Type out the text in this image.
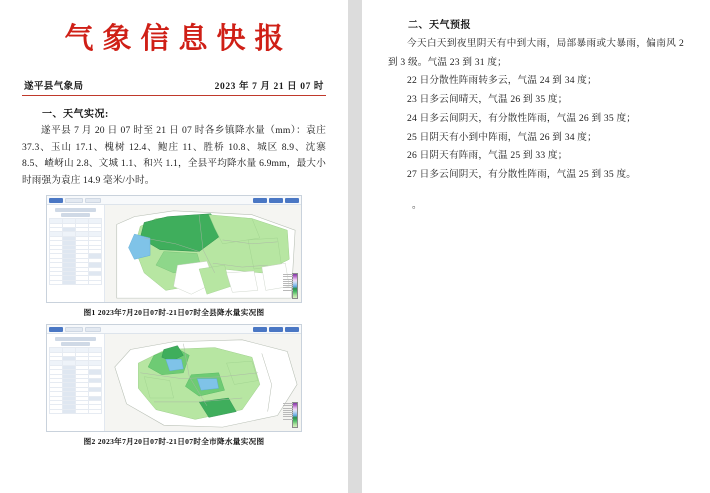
气象信息快报
遂平县气象局	2023 年 7 月 21 日 07 时
一、天气实况:

遂平县 7 月 20 日 07 时至 21 日 07 时各乡镇降水量（mm）：袁庄 37.3、玉山 17.1、槐树 12.4、鲍庄 11、胜桥 10.8、城区 8.9、沈寨 8.5、嵖岈山 2.8、文城 1.1、和兴 1.1，全县平均降水量 6.9mm，最大小时雨强为袁庄 14.9 毫米/小时。

图1 2023年7月20日07时-21日07时全县降水量实况图

图2 2023年7月20日07时-21日07时全市降水量实况图
二、天气预报

今天白天到夜里阴天有中到大雨，局部暴雨或大暴雨，偏南风 2 到 3 级。气温 23 到 31 度；

22 日分散性阵雨转多云，气温 24 到 34 度；

23 日多云间晴天，气温 26 到 35 度；

24 日多云间阴天，有分散性阵雨，气温 26 到 35 度；

25 日阴天有小到中阵雨，气温 26 到 34 度；

26 日阴天有阵雨，气温 25 到 33 度；

27 日多云间阴天，有分散性阵雨，气温 25 到 35 度。

。
